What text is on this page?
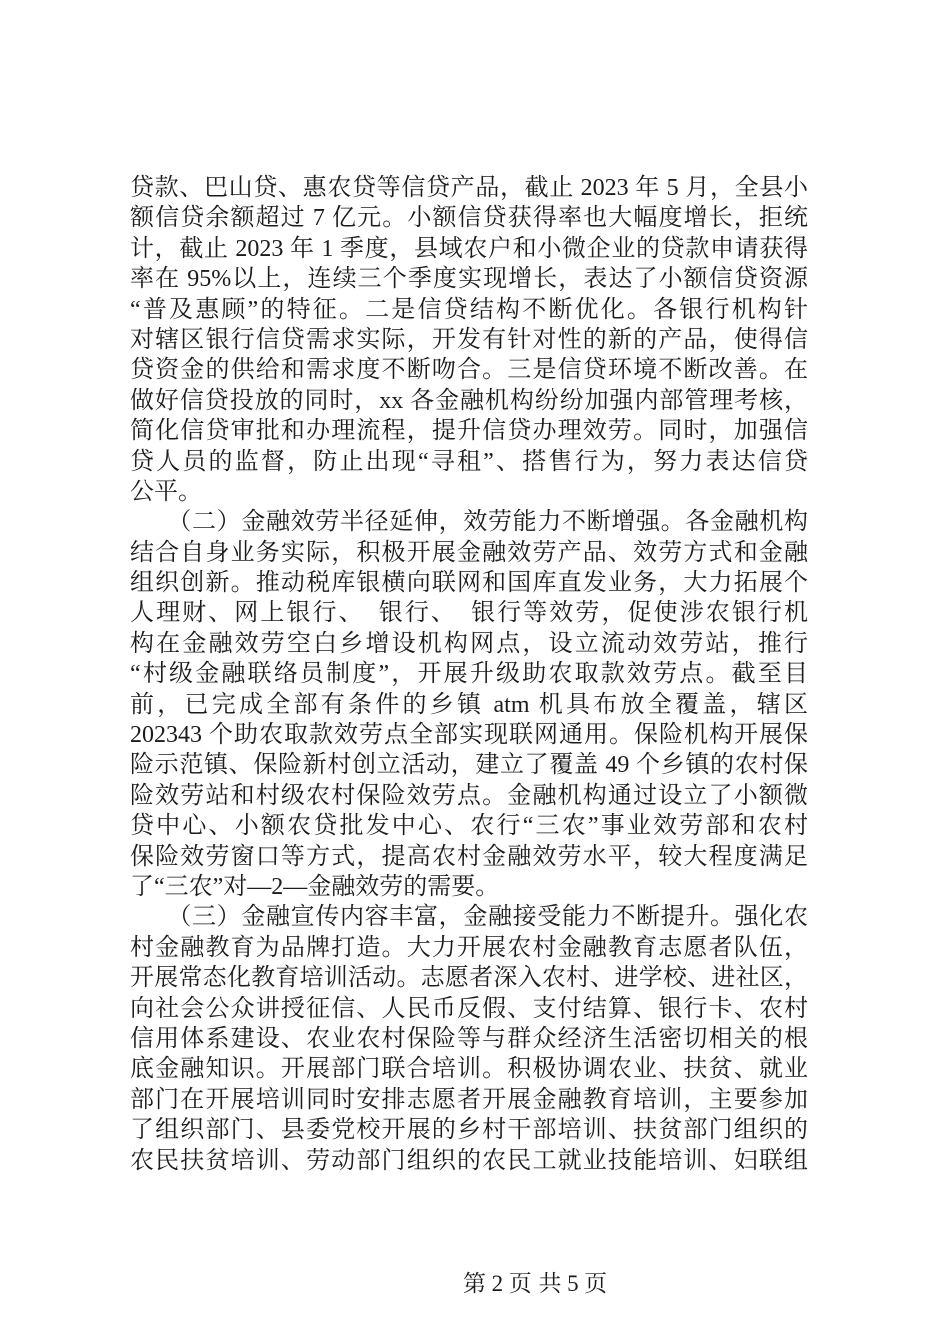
贷款、巴山贷、惠农贷等信贷产品，截止 2023 年 5 月，全县小
额信贷余额超过 7 亿元。小额信贷获得率也大幅度增长，拒统
计，截止 2023 年 1 季度，县域农户和小微企业的贷款申请获得
率在 95%以上，连续三个季度实现增长，表达了小额信贷资源
“普及惠顾”的特征。二是信贷结构不断优化。各银行机构针
对辖区银行信贷需求实际，开发有针对性的新的产品，使得信
贷资金的供给和需求度不断吻合。三是信贷环境不断改善。在
做好信贷投放的同时，xx 各金融机构纷纷加强内部管理考核，
简化信贷审批和办理流程，提升信贷办理效劳。同时，加强信
贷人员的监督，防止出现“寻租”、搭售行为，努力表达信贷
公平。
　　（二）金融效劳半径延伸，效劳能力不断增强。各金融机构
结合自身业务实际，积极开展金融效劳产品、效劳方式和金融
组织创新。推动税库银横向联网和国库直发业务，大力拓展个
人理财、网上银行、　银行、　银行等效劳，促使涉农银行机
构在金融效劳空白乡增设机构网点，设立流动效劳站，推行
“村级金融联络员制度”，开展升级助农取款效劳点。截至目
前，已完成全部有条件的乡镇 atm 机具布放全覆盖，辖区
202343 个助农取款效劳点全部实现联网通用。保险机构开展保
险示范镇、保险新村创立活动，建立了覆盖 49 个乡镇的农村保
险效劳站和村级农村保险效劳点。金融机构通过设立了小额微
贷中心、小额农贷批发中心、农行“三农”事业效劳部和农村
保险效劳窗口等方式，提高农村金融效劳水平，较大程度满足
了“三农”对—2—金融效劳的需要。
　　（三）金融宣传内容丰富，金融接受能力不断提升。强化农
村金融教育为品牌打造。大力开展农村金融教育志愿者队伍，
开展常态化教育培训活动。志愿者深入农村、进学校、进社区，
向社会公众讲授征信、人民币反假、支付结算、银行卡、农村
信用体系建设、农业农村保险等与群众经济生活密切相关的根
底金融知识。开展部门联合培训。积极协调农业、扶贫、就业
部门在开展培训同时安排志愿者开展金融教育培训，主要参加
了组织部门、县委党校开展的乡村干部培训、扶贫部门组织的
农民扶贫培训、劳动部门组织的农民工就业技能培训、妇联组

第 2 页 共 5 页
